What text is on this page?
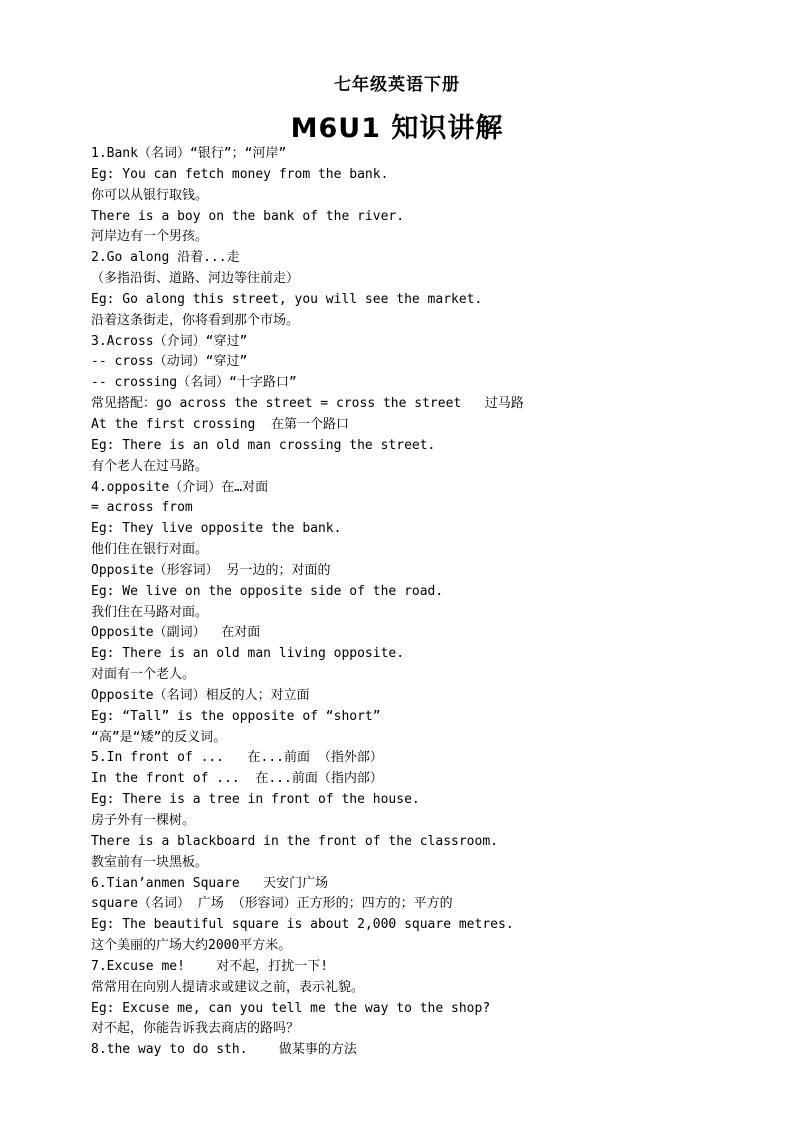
七年级英语下册
M6U1 知识讲解
1.Bank（名词）“银行”；“河岸”
Eg: You can fetch money from the bank.
你可以从银行取钱。
There is a boy on the bank of the river.
河岸边有一个男孩。
2.Go along 沿着...走
（多指沿街、道路、河边等往前走）
Eg: Go along this street, you will see the market.
沿着这条街走，你将看到那个市场。
3.Across（介词）“穿过”
-- cross（动词）“穿过”
-- crossing（名词）“十字路口”
常见搭配：go across the street = cross the street   过马路
At the first crossing  在第一个路口
Eg: There is an old man crossing the street.
有个老人在过马路。
4.opposite（介词）在…对面
= across from
Eg: They live opposite the bank.
他们住在银行对面。
Opposite（形容词） 另一边的；对面的
Eg: We live on the opposite side of the road.
我们住在马路对面。
Opposite（副词）  在对面
Eg: There is an old man living opposite.
对面有一个老人。
Opposite（名词）相反的人；对立面
Eg: “Tall” is the opposite of “short”
“高”是“矮”的反义词。
5.In front of ...   在...前面 （指外部）
In the front of ...  在...前面（指内部）
Eg: There is a tree in front of the house.
房子外有一棵树。
There is a blackboard in the front of the classroom.
教室前有一块黑板。
6.Tian’anmen Square   天安门广场
square（名词） 广场 （形容词）正方形的；四方的；平方的
Eg: The beautiful square is about 2,000 square metres.
这个美丽的广场大约2000平方米。
7.Excuse me!    对不起，打扰一下!
常常用在向别人提请求或建议之前，表示礼貌。
Eg: Excuse me, can you tell me the way to the shop?
对不起，你能告诉我去商店的路吗？
8.the way to do sth.    做某事的方法
